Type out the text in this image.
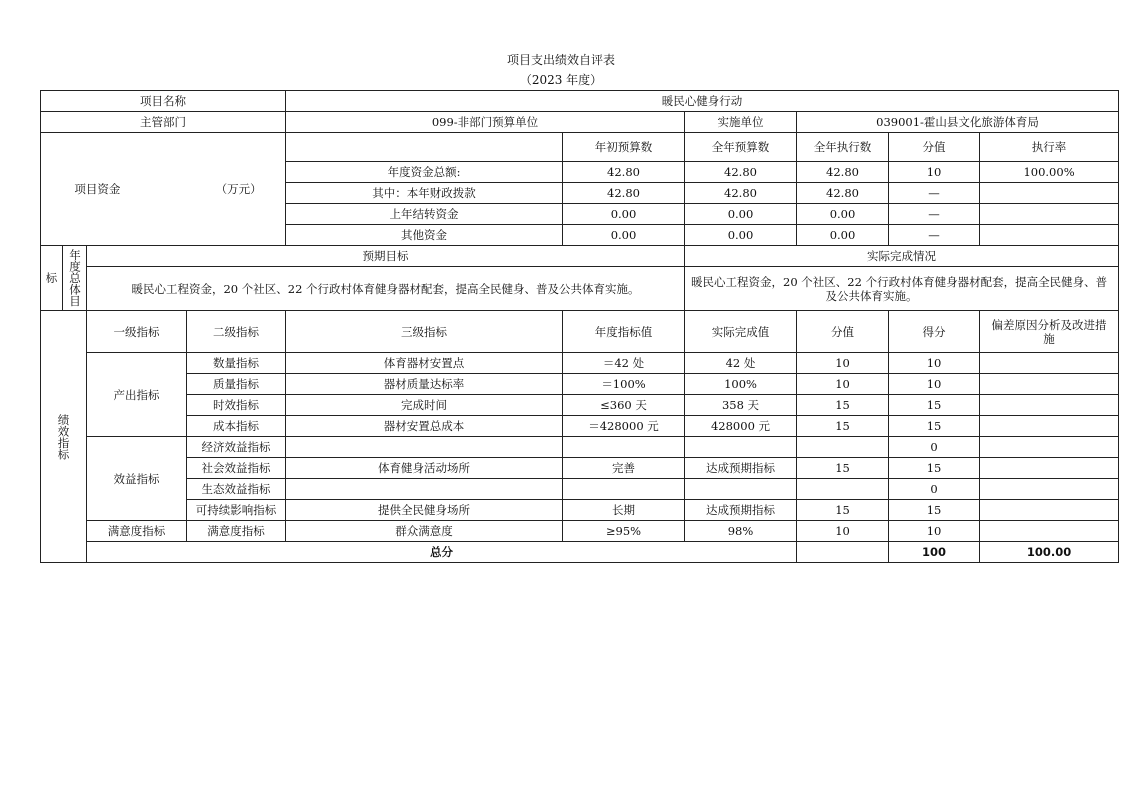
项目支出绩效自评表
（2023 年度）
项目名称			暖民心健身行动						
主管部门			099-非部门预算单位		实施单位	039001-霍山县文化旅游体育局			
项目资金 （万元）				年初预算数	全年预算数	全年执行数	分值	执行率	
			年度资金总额:	42.80	42.80	42.80	10	100.00%	
			其中：本年财政拨款	42.80	42.80	42.80	—		
			上年结转资金	0.00	0.00	0.00	—		
			其他资金	0.00	0.00	0.00	—		

标 年度总体目	预期目标				实际完成情况				
	暖民心工程资金，20 个社区、22 个行政村体育健身器材配套，提高全民健身、普及公共体育实施。				暖民心工程资金，20 个社区、22 个行政村体育健身器材配套，提高全民健身、普
及公共体育实施。				

绩效指标	一级指标	二级指标	三级指标	年度指标值	实际完成值	分值	得分	偏差原因分析及改进措
施	

	产出指标	数量指标	体育器材安置点	＝42 处	42 处	10	10		
		质量指标	器材质量达标率	＝100%	100%	10	10		
		时效指标	完成时间	≤360 天	358 天	15	15		
		成本指标	器材安置总成本	＝428000 元	428000 元	15	15		
	效益指标	经济效益指标					0		
		社会效益指标	体育健身活动场所	完善	达成预期指标	15	15		
		生态效益指标					0		
		可持续影响指标	提供全民健身场所	长期	达成预期指标	15	15		
	满意度指标	满意度指标	群众满意度	≥95%	98%	10	10		
	总分						100	100.00	
